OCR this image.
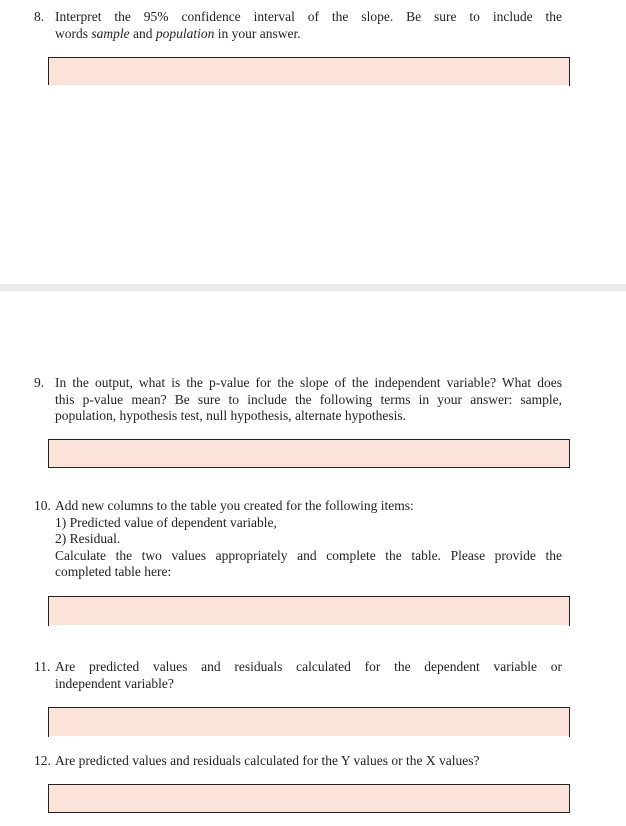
8. Interpret the 95% confidence interval of the slope. Be sure to include the
words sample and population in your answer.
9. In the output, what is the p-value for the slope of the independent variable? What does
this p-value mean? Be sure to include the following terms in your answer: sample,
population, hypothesis test, null hypothesis, alternate hypothesis.
10. Add new columns to the table you created for the following items:
1) Predicted value of dependent variable,
2) Residual.
Calculate the two values appropriately and complete the table. Please provide the
completed table here:
11. Are predicted values and residuals calculated for the dependent variable or
independent variable?
12. Are predicted values and residuals calculated for the Y values or the X values?
